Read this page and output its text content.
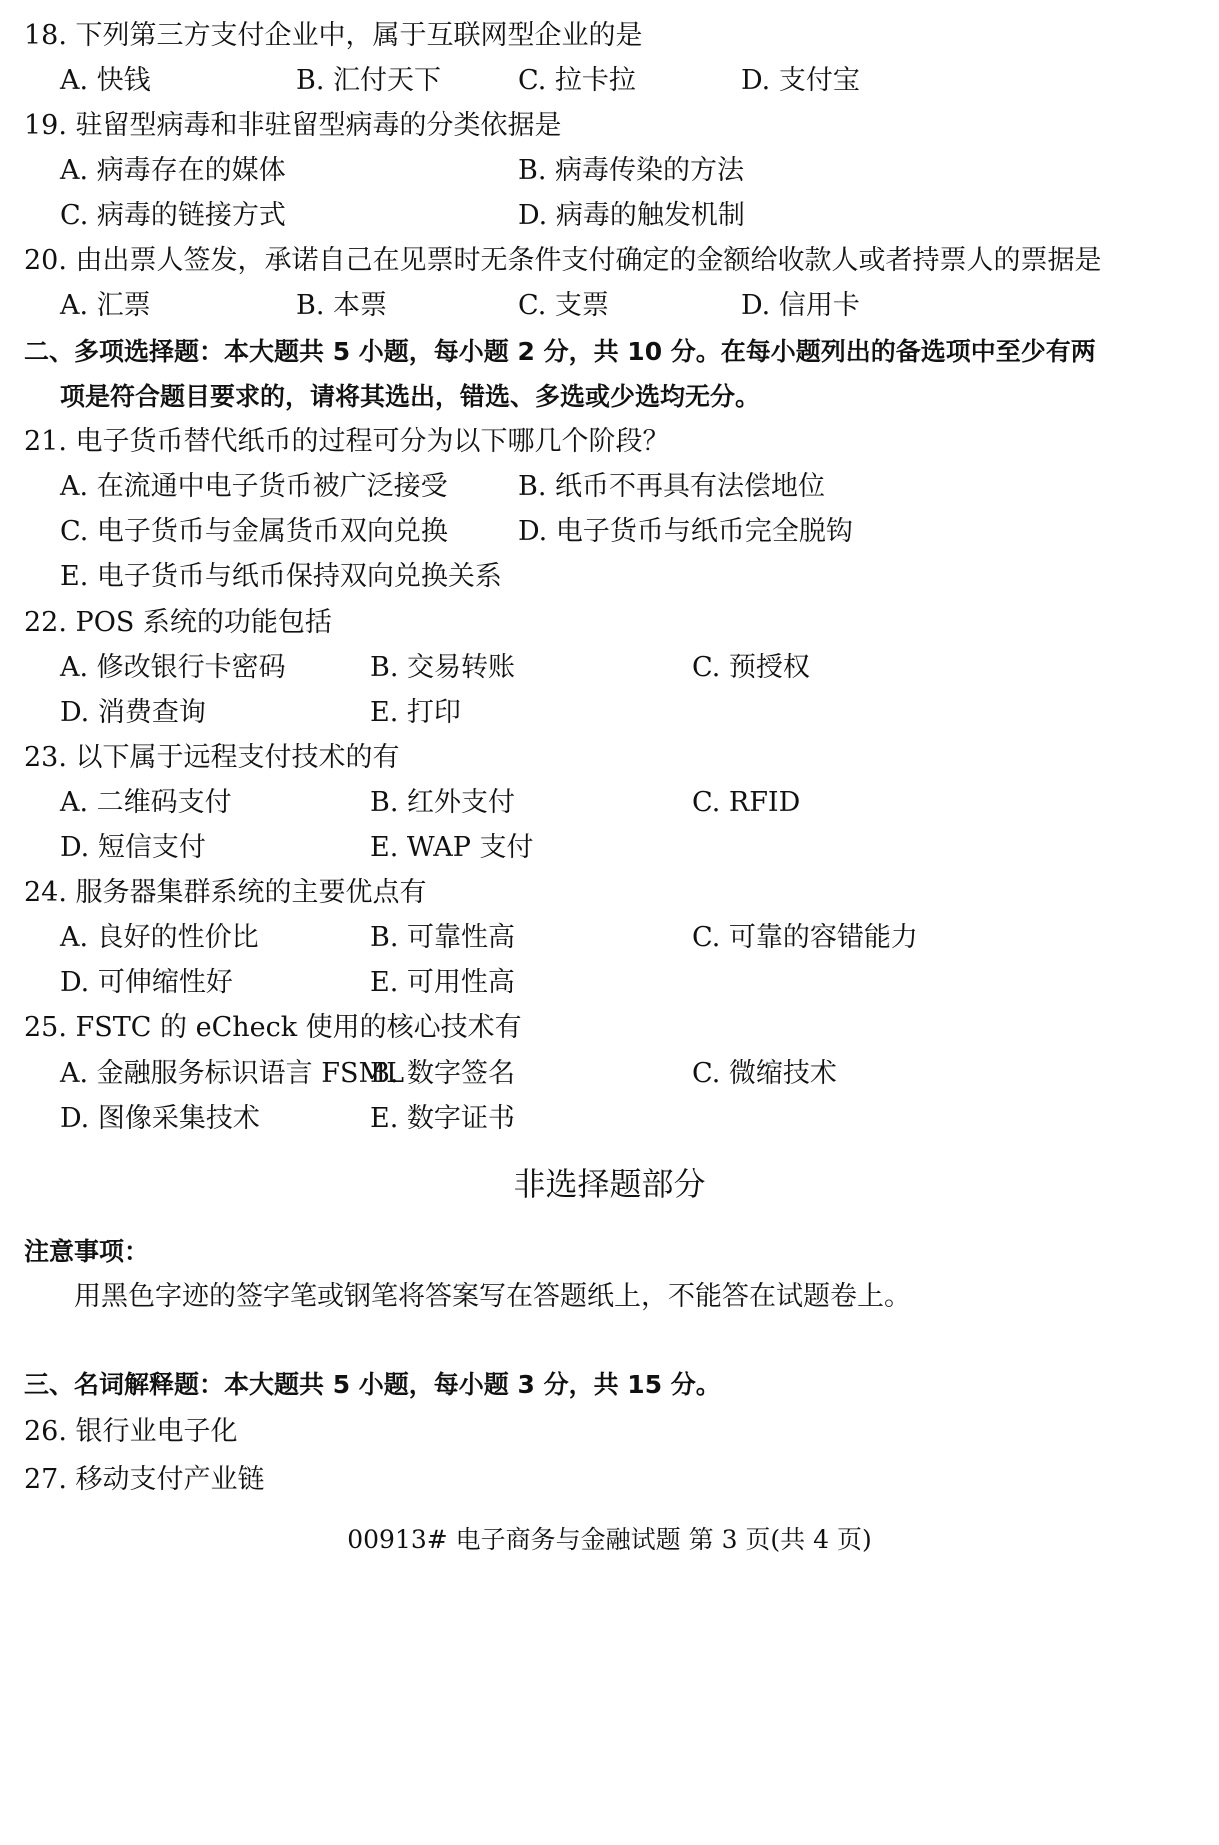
18. 下列第三方支付企业中，属于互联网型企业的是
A. 快钱	B. 汇付天下	C. 拉卡拉	D. 支付宝
19. 驻留型病毒和非驻留型病毒的分类依据是
A. 病毒存在的媒体	B. 病毒传染的方法
C. 病毒的链接方式	D. 病毒的触发机制
20. 由出票人签发，承诺自己在见票时无条件支付确定的金额给收款人或者持票人的票据是
A. 汇票	B. 本票	C. 支票	D. 信用卡
二、多项选择题：本大题共 5 小题，每小题 2 分，共 10 分。在每小题列出的备选项中至少有两
项是符合题目要求的，请将其选出，错选、多选或少选均无分。
21. 电子货币替代纸币的过程可分为以下哪几个阶段？
A. 在流通中电子货币被广泛接受	B. 纸币不再具有法偿地位
C. 电子货币与金属货币双向兑换	D. 电子货币与纸币完全脱钩
E. 电子货币与纸币保持双向兑换关系
22. POS 系统的功能包括
A. 修改银行卡密码	B. 交易转账	C. 预授权
D. 消费查询	E. 打印
23. 以下属于远程支付技术的有
A. 二维码支付	B. 红外支付	C. RFID
D. 短信支付	E. WAP 支付
24. 服务器集群系统的主要优点有
A. 良好的性价比	B. 可靠性高	C. 可靠的容错能力
D. 可伸缩性好	E. 可用性高
25. FSTC 的 eCheck 使用的核心技术有
A. 金融服务标识语言 FSML
B. 数字签名	C. 微缩技术
D. 图像采集技术	E. 数字证书
非选择题部分
注意事项：
用黑色字迹的签字笔或钢笔将答案写在答题纸上，不能答在试题卷上。
三、名词解释题：本大题共 5 小题，每小题 3 分，共 15 分。
26. 银行业电子化
27. 移动支付产业链
00913# 电子商务与金融试题 第 3 页(共 4 页)
